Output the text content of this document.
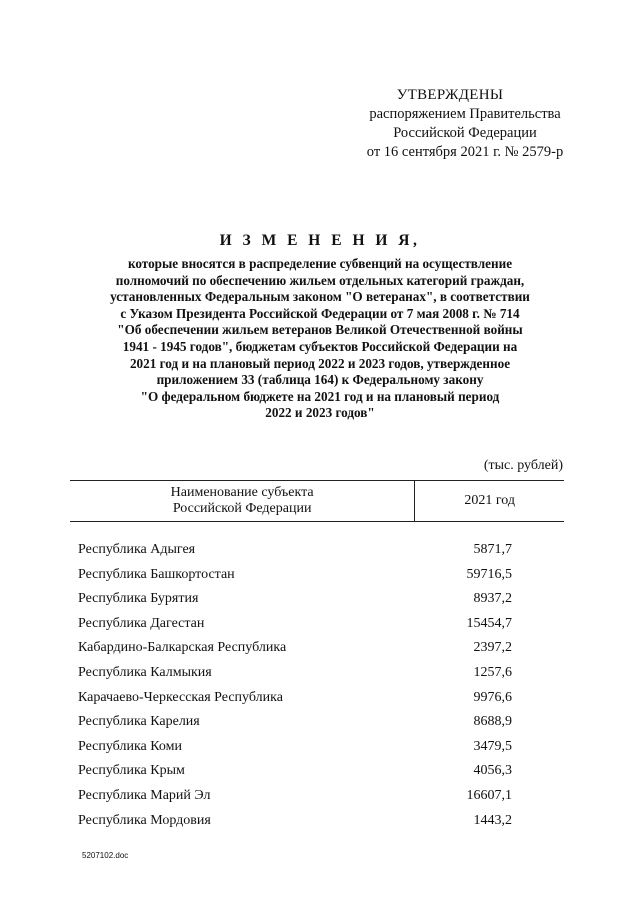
УТВЕРЖДЕНЫ
распоряжением Правительства
Российской Федерации
от 16 сентября 2021 г. № 2579-р
И З М Е Н Е Н И Я,
которые вносятся в распределение субвенций на осуществление
полномочий по обеспечению жильем отдельных категорий граждан,
установленных Федеральным законом "О ветеранах", в соответствии
с Указом Президента Российской Федерации от 7 мая 2008 г. № 714
"Об обеспечении жильем ветеранов Великой Отечественной войны
1941 - 1945 годов", бюджетам субъектов Российской Федерации на
2021 год и на плановый период 2022 и 2023 годов, утвержденное
приложением 33 (таблица 164) к Федеральному закону
"О федеральном бюджете на 2021 год и на плановый период
2022 и 2023 годов"
(тыс. рублей)
Наименование субъекта
Российской Федерации	2021 год

Республика Адыгея	5871,7
Республика Башкортостан	59716,5
Республика Бурятия	8937,2
Республика Дагестан	15454,7
Кабардино-Балкарская Республика	2397,2
Республика Калмыкия	1257,6
Карачаево-Черкесская Республика	9976,6
Республика Карелия	8688,9
Республика Коми	3479,5
Республика Крым	4056,3
Республика Марий Эл	16607,1
Республика Мордовия	1443,2
5207102.doc
